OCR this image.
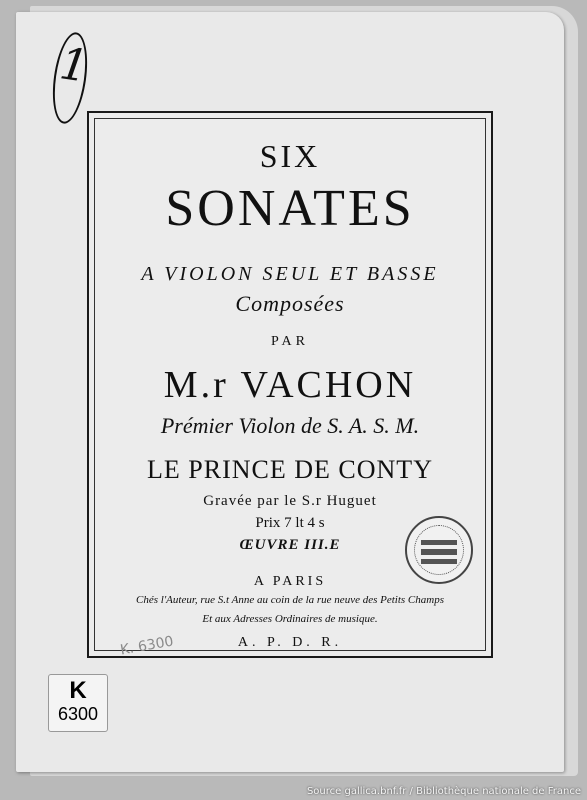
1
SIX
SONATES
A VIOLON SEUL ET BASSE
Composées
PAR
M.r VACHON
Prémier Violon de S. A. S. M.
LE PRINCE DE CONTY
Gravée par le S.r Huguet
Prix 7 lt 4 s
ŒUVRE III.E
A PARIS
Chés l'Auteur, rue S.t Anne au coin de la rue neuve des Petits Champs
Et aux Adresses Ordinaires de musique.
A. P. D. R.
K. 6300
K
6300
Source gallica.bnf.fr / Bibliothèque nationale de France
